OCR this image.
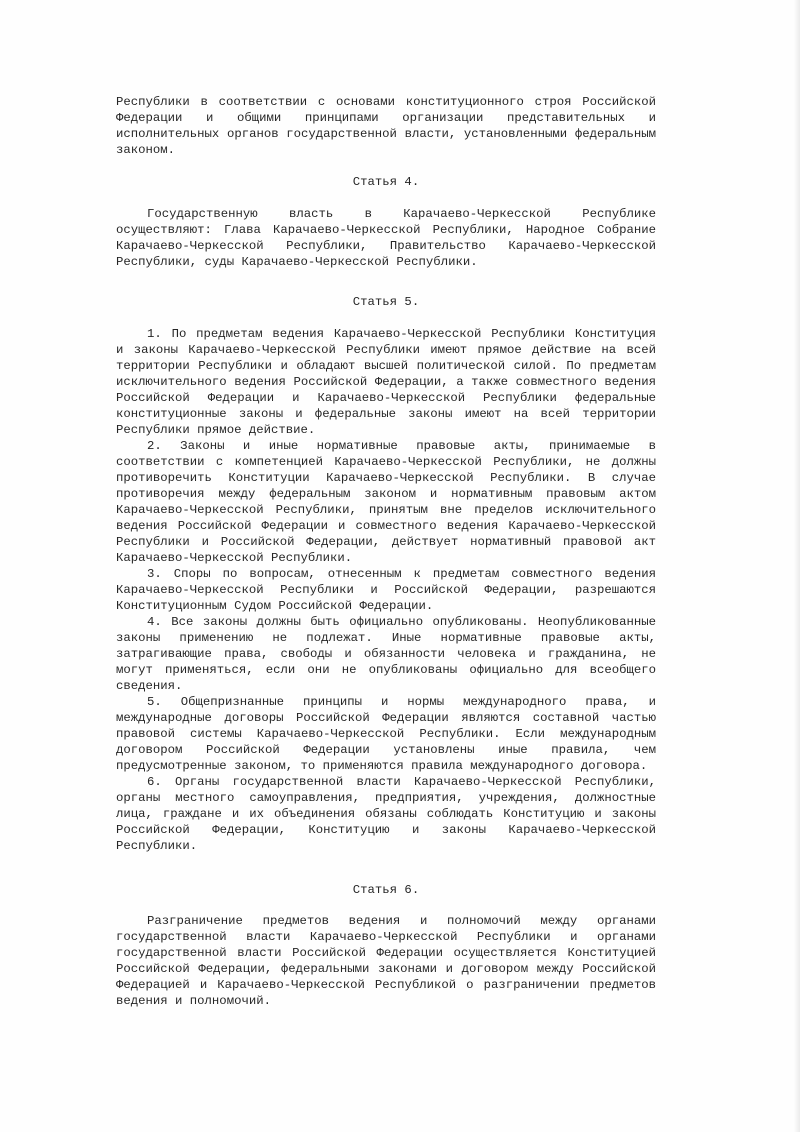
Республики в соответствии с основами конституционного строя Российской Федерации и общими принципами организации представительных и исполнительных органов государственной власти, установленными федеральным законом.

Статья 4.

Государственную власть в Карачаево-Черкесской Республике осуществляют: Глава Карачаево-Черкесской Республики, Народное Собрание Карачаево-Черкесской Республики, Правительство Карачаево-Черкесской Республики, суды Карачаево-Черкесской Республики.

Статья 5.

1. По предметам ведения Карачаево-Черкесской Республики Конституция и законы Карачаево-Черкесской Республики имеют прямое действие на всей территории Республики и обладают высшей политической силой. По предметам исключительного ведения Российской Федерации, а также совместного ведения Российской Федерации и Карачаево-Черкесской Республики федеральные конституционные законы и федеральные законы имеют на всей территории Республики прямое действие.

2. Законы и иные нормативные правовые акты, принимаемые в соответствии с компетенцией Карачаево-Черкесской Республики, не должны противоречить Конституции Карачаево-Черкесской Республики. В случае противоречия между федеральным законом и нормативным правовым актом Карачаево-Черкесской Республики, принятым вне пределов исключительного ведения Российской Федерации и совместного ведения Карачаево-Черкесской Республики и Российской Федерации, действует нормативный правовой акт Карачаево-Черкесской Республики.

3. Споры по вопросам, отнесенным к предметам совместного ведения Карачаево-Черкесской Республики и Российской Федерации, разрешаются Конституционным Судом Российской Федерации.

4. Все законы должны быть официально опубликованы. Неопубликованные законы применению не подлежат. Иные нормативные правовые акты, затрагивающие права, свободы и обязанности человека и гражданина, не могут применяться, если они не опубликованы официально для всеобщего сведения.

5. Общепризнанные принципы и нормы международного права, и международные договоры Российской Федерации являются составной частью правовой системы Карачаево-Черкесской Республики. Если международным договором Российской Федерации установлены иные правила, чем предусмотренные законом, то применяются правила международного договора.

6. Органы государственной власти Карачаево-Черкесской Республики, органы местного самоуправления, предприятия, учреждения, должностные лица, граждане и их объединения обязаны соблюдать Конституцию и законы Российской Федерации, Конституцию и законы Карачаево-Черкесской Республики.

Статья 6.

Разграничение предметов ведения и полномочий между органами государственной власти Карачаево-Черкесской Республики и органами государственной власти Российской Федерации осуществляется Конституцией Российской Федерации, федеральными законами и договором между Российской Федерацией и Карачаево-Черкесской Республикой о разграничении предметов ведения и полномочий.
